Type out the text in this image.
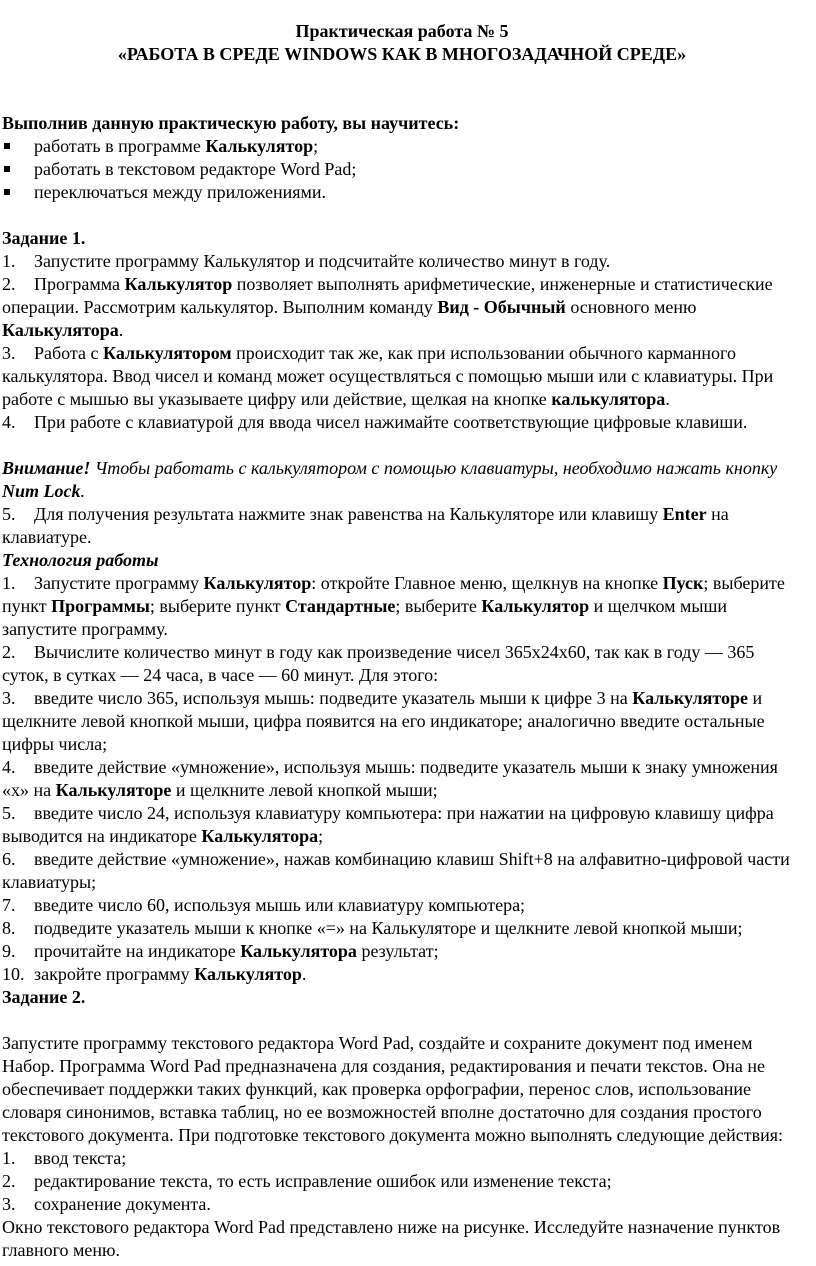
Практическая работа № 5

«РАБОТА В СРЕДЕ WINDOWS КАК В МНОГОЗАДАЧНОЙ СРЕДЕ»

Выполнив данную практическую работу, вы научитесь:

работать в программе Калькулятор;
работать в текстовом редакторе Word Pad;
переключаться между приложениями.

Задание 1.

1. Запустите программу Калькулятор и подсчитайте количество минут в году.

2. Программа Калькулятор позволяет выполнять арифметические, инженерные и статистические операции. Рассмотрим калькулятор. Выполним команду Вид - Обычный основного меню Калькулятора.

3. Работа с Калькулятором происходит так же, как при использовании обычного карманного калькулятора. Ввод чисел и команд может осуществляться с помощью мыши или с клавиатуры. При работе с мышью вы указываете цифру или действие, щелкая на кнопке калькулятора.

4. При работе с клавиатурой для ввода чисел нажимайте соответствующие цифровые клавиши.

Внимание! Чтобы работать с калькулятором с помощью клавиатуры, необходимо нажать кнопку Num Lock.

5. Для получения результата нажмите знак равенства на Калькуляторе или клавишу Enter на клавиатуре.

Технология работы

1. Запустите программу Калькулятор: откройте Главное меню, щелкнув на кнопке Пуск; выберите пункт Программы; выберите пункт Стандартные; выберите Калькулятор и щелчком мыши запустите программу.

2. Вычислите количество минут в году как произведение чисел 365х24х60, так как в году — 365 суток, в сутках — 24 часа, в часе — 60 минут. Для этого:

3. введите число 365, используя мышь: подведите указатель мыши к цифре 3 на Калькуляторе и щелкните левой кнопкой мыши, цифра появится на его индикаторе; аналогично введите остальные цифры числа;

4. введите действие «умножение», используя мышь: подведите указатель мыши к знаку умножения «х» на Калькуляторе и щелкните левой кнопкой мыши;

5. введите число 24, используя клавиатуру компьютера: при нажатии на цифровую клавишу цифра выводится на индикаторе Калькулятора;

6. введите действие «умножение», нажав комбинацию клавиш Shift+8 на алфавитно-цифровой части клавиатуры;

7. введите число 60, используя мышь или клавиатуру компьютера;

8. подведите указатель мыши к кнопке «=» на Калькуляторе и щелкните левой кнопкой мыши;

9. прочитайте на индикаторе Калькулятора результат;

10. закройте программу Калькулятор.

Задание 2.

Запустите программу текстового редактора Word Pad, создайте и сохраните документ под именем Набор. Программа Word Pad предназначена для создания, редактирования и печати текстов. Она не обеспечивает поддержки таких функций, как проверка орфографии, перенос слов, использование словаря синонимов, вставка таблиц, но ее возможностей вполне достаточно для создания простого текстового документа. При подготовке текстового документа можно выполнять следующие действия:

1. ввод текста;

2. редактирование текста, то есть исправление ошибок или изменение текста;

3. сохранение документа.

Окно текстового редактора Word Pad представлено ниже на рисунке. Исследуйте назначение пунктов главного меню.
